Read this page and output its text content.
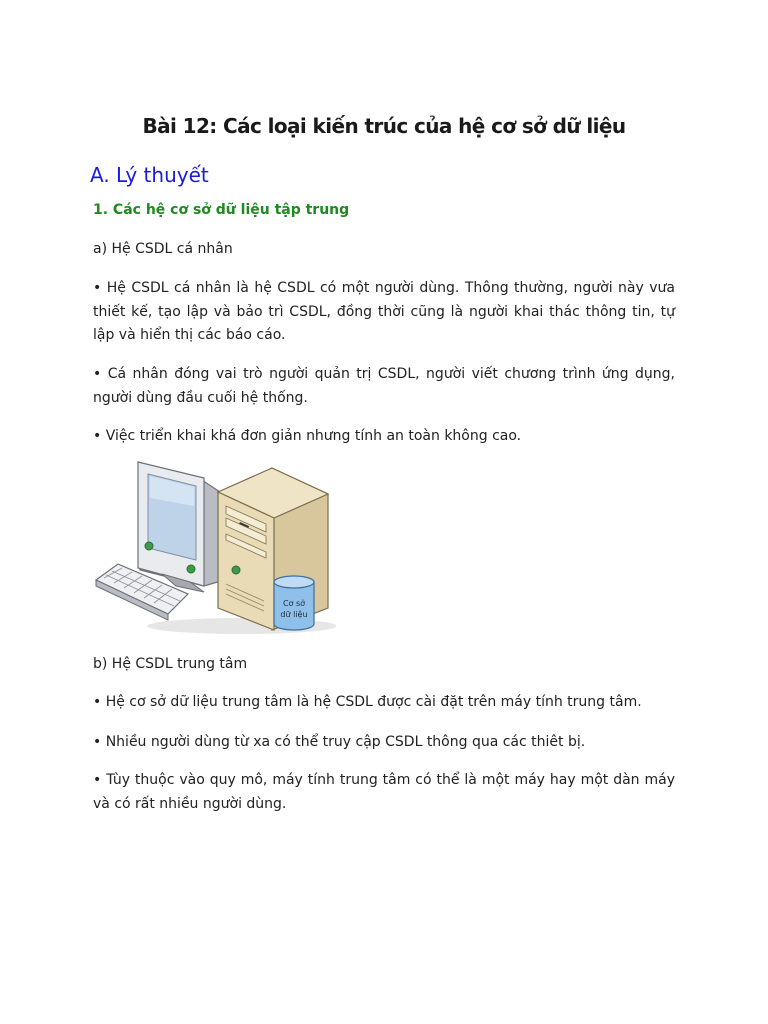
Bài 12: Các loại kiến trúc của hệ cơ sở dữ liệu
A. Lý thuyết
1. Các hệ cơ sở dữ liệu tập trung

a) Hệ CSDL cá nhân

• Hệ CSDL cá nhân là hệ CSDL có một người dùng. Thông thường, người này vưa thiết kế, tạo lập và bảo trì CSDL, đồng thời cũng là người khai thác thông tin, tự lập và hiển thị các báo cáo.

• Cá nhân đóng vai trò người quản trị CSDL, người viết chương trình ứng dụng, người dùng đầu cuối hệ thống.

• Việc triển khai khá đơn giản nhưng tính an toàn không cao.

Cơ sở
dữ liệu

b) Hệ CSDL trung tâm

• Hệ cơ sở dữ liệu trung tâm là hệ CSDL được cài đặt trên máy tính trung tâm.

• Nhiều người dùng từ xa có thể truy cập CSDL thông qua các thiêt bị.

• Tùy thuộc vào quy mô, máy tính trung tâm có thể là một máy hay một dàn máy và có rất nhiều người dùng.
